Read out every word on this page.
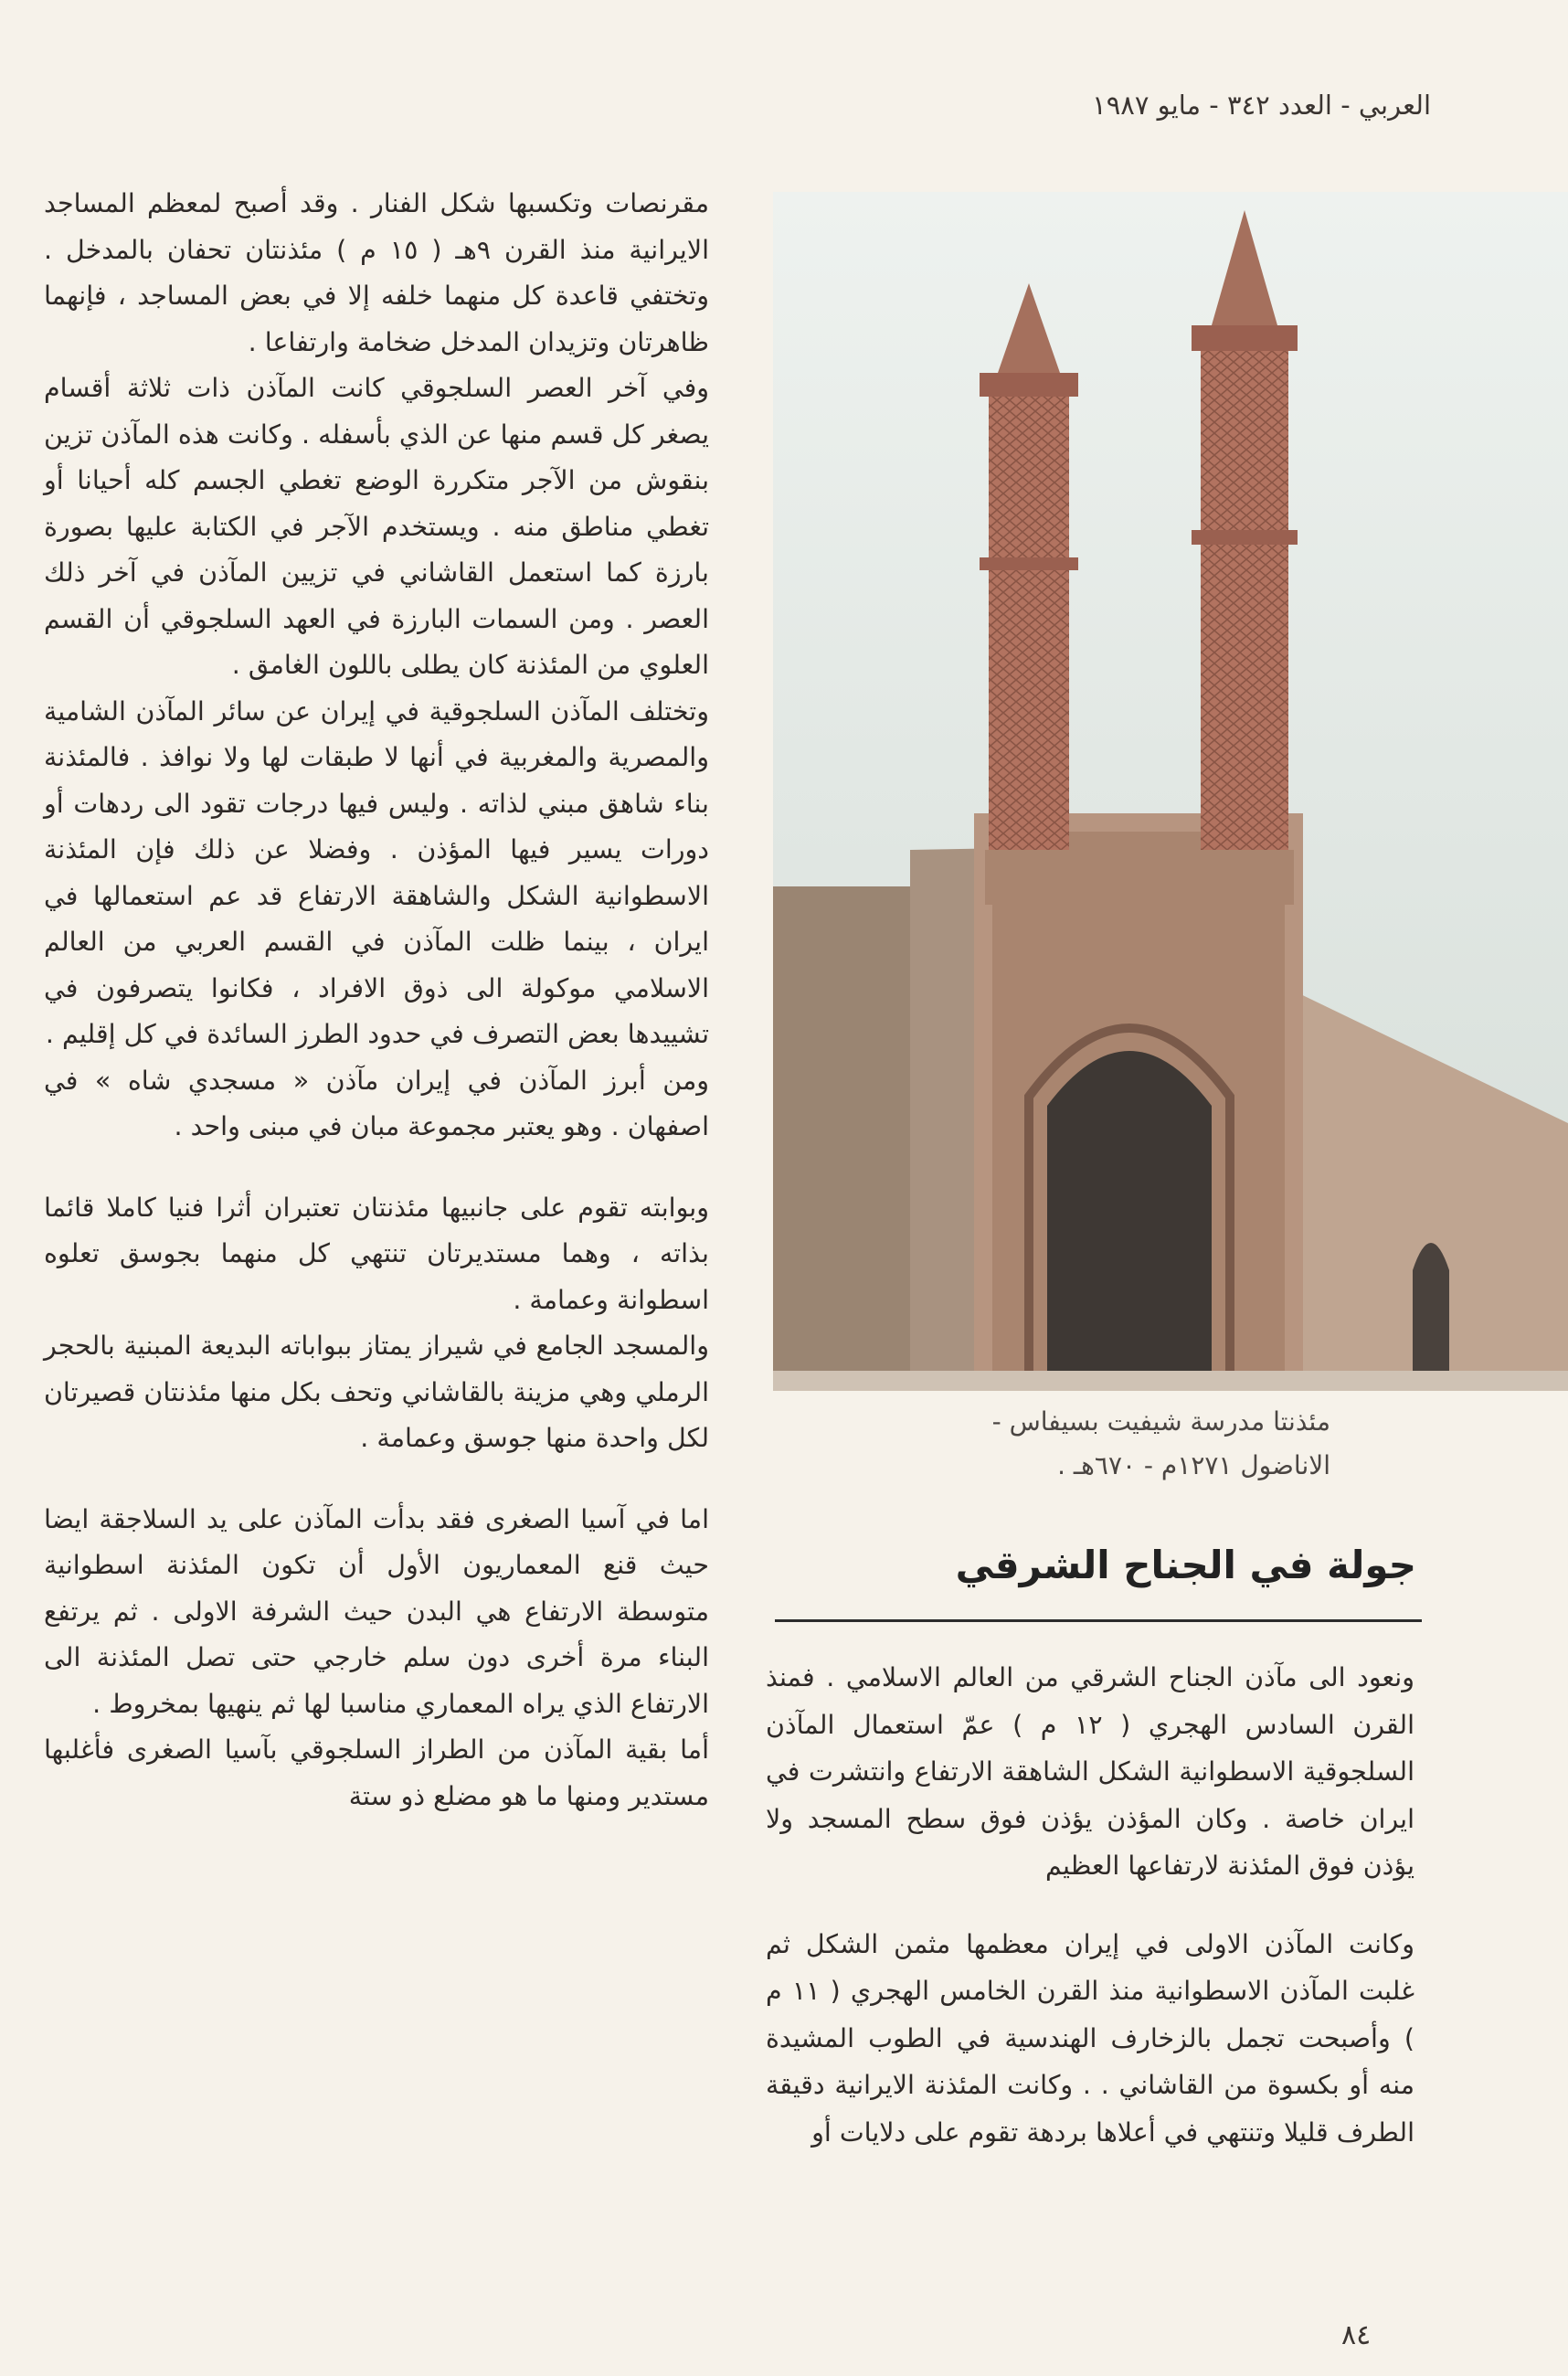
العربي - العدد ٣٤٢ - مايو ١٩٨٧

مقرنصات وتكسبها شكل الفنار . وقد أصبح لمعظم المساجد الايرانية منذ القرن ٩هـ ( ١٥ م ) مئذنتان تحفان بالمدخل . وتختفي قاعدة كل منهما خلفه إلا في بعض المساجد ، فإنهما ظاهرتان وتزيدان المدخل ضخامة وارتفاعا .

وفي آخر العصر السلجوقي كانت المآذن ذات ثلاثة أقسام يصغر كل قسم منها عن الذي بأسفله . وكانت هذه المآذن تزين بنقوش من الآجر متكررة الوضع تغطي الجسم كله أحيانا أو تغطي مناطق منه . ويستخدم الآجر في الكتابة عليها بصورة بارزة كما استعمل القاشاني في تزيين المآذن في آخر ذلك العصر . ومن السمات البارزة في العهد السلجوقي أن القسم العلوي من المئذنة كان يطلى باللون الغامق .

وتختلف المآذن السلجوقية في إيران عن سائر المآذن الشامية والمصرية والمغربية في أنها لا طبقات لها ولا نوافذ . فالمئذنة بناء شاهق مبني لذاته . وليس فيها درجات تقود الى ردهات أو دورات يسير فيها المؤذن . وفضلا عن ذلك فإن المئذنة الاسطوانية الشكل والشاهقة الارتفاع قد عم استعمالها في ايران ، بينما ظلت المآذن في القسم العربي من العالم الاسلامي موكولة الى ذوق الافراد ، فكانوا يتصرفون في تشييدها بعض التصرف في حدود الطرز السائدة في كل إقليم .

ومن أبرز المآذن في إيران مآذن « مسجدي شاه » في اصفهان . وهو يعتبر مجموعة مبان في مبنى واحد .

وبوابته تقوم على جانبيها مئذنتان تعتبران أثرا فنيا كاملا قائما بذاته ، وهما مستديرتان تنتهي كل منهما بجوسق تعلوه اسطوانة وعمامة .

والمسجد الجامع في شيراز يمتاز ببواباته البديعة المبنية بالحجر الرملي وهي مزينة بالقاشاني وتحف بكل منها مئذنتان قصيرتان لكل واحدة منها جوسق وعمامة .

اما في آسيا الصغرى فقد بدأت المآذن على يد السلاجقة ايضا حيث قنع المعماريون الأول أن تكون المئذنة اسطوانية متوسطة الارتفاع هي البدن حيث الشرفة الاولى . ثم يرتفع البناء مرة أخرى دون سلم خارجي حتى تصل المئذنة الى الارتفاع الذي يراه المعماري مناسبا لها ثم ينهيها بمخروط .

أما بقية المآذن من الطراز السلجوقي بآسيا الصغرى فأغلبها مستدير ومنها ما هو مضلع ذو ستة

مئذنتا مدرسة شيفيت بسيفاس -
الاناضول ١٢٧١م - ٦٧٠هـ .
جولة في الجناح الشرقي

ونعود الى مآذن الجناح الشرقي من العالم الاسلامي . فمنذ القرن السادس الهجري ( ١٢ م ) عمّ استعمال المآذن السلجوقية الاسطوانية الشكل الشاهقة الارتفاع وانتشرت في ايران خاصة . وكان المؤذن يؤذن فوق سطح المسجد ولا يؤذن فوق المئذنة لارتفاعها العظيم

وكانت المآذن الاولى في إيران معظمها مثمن الشكل ثم غلبت المآذن الاسطوانية منذ القرن الخامس الهجري ( ١١ م ) وأصبحت تجمل بالزخارف الهندسية في الطوب المشيدة منه أو بكسوة من القاشاني . . وكانت المئذنة الايرانية دقيقة الطرف قليلا وتنتهي في أعلاها بردهة تقوم على دلايات أو

٨٤
